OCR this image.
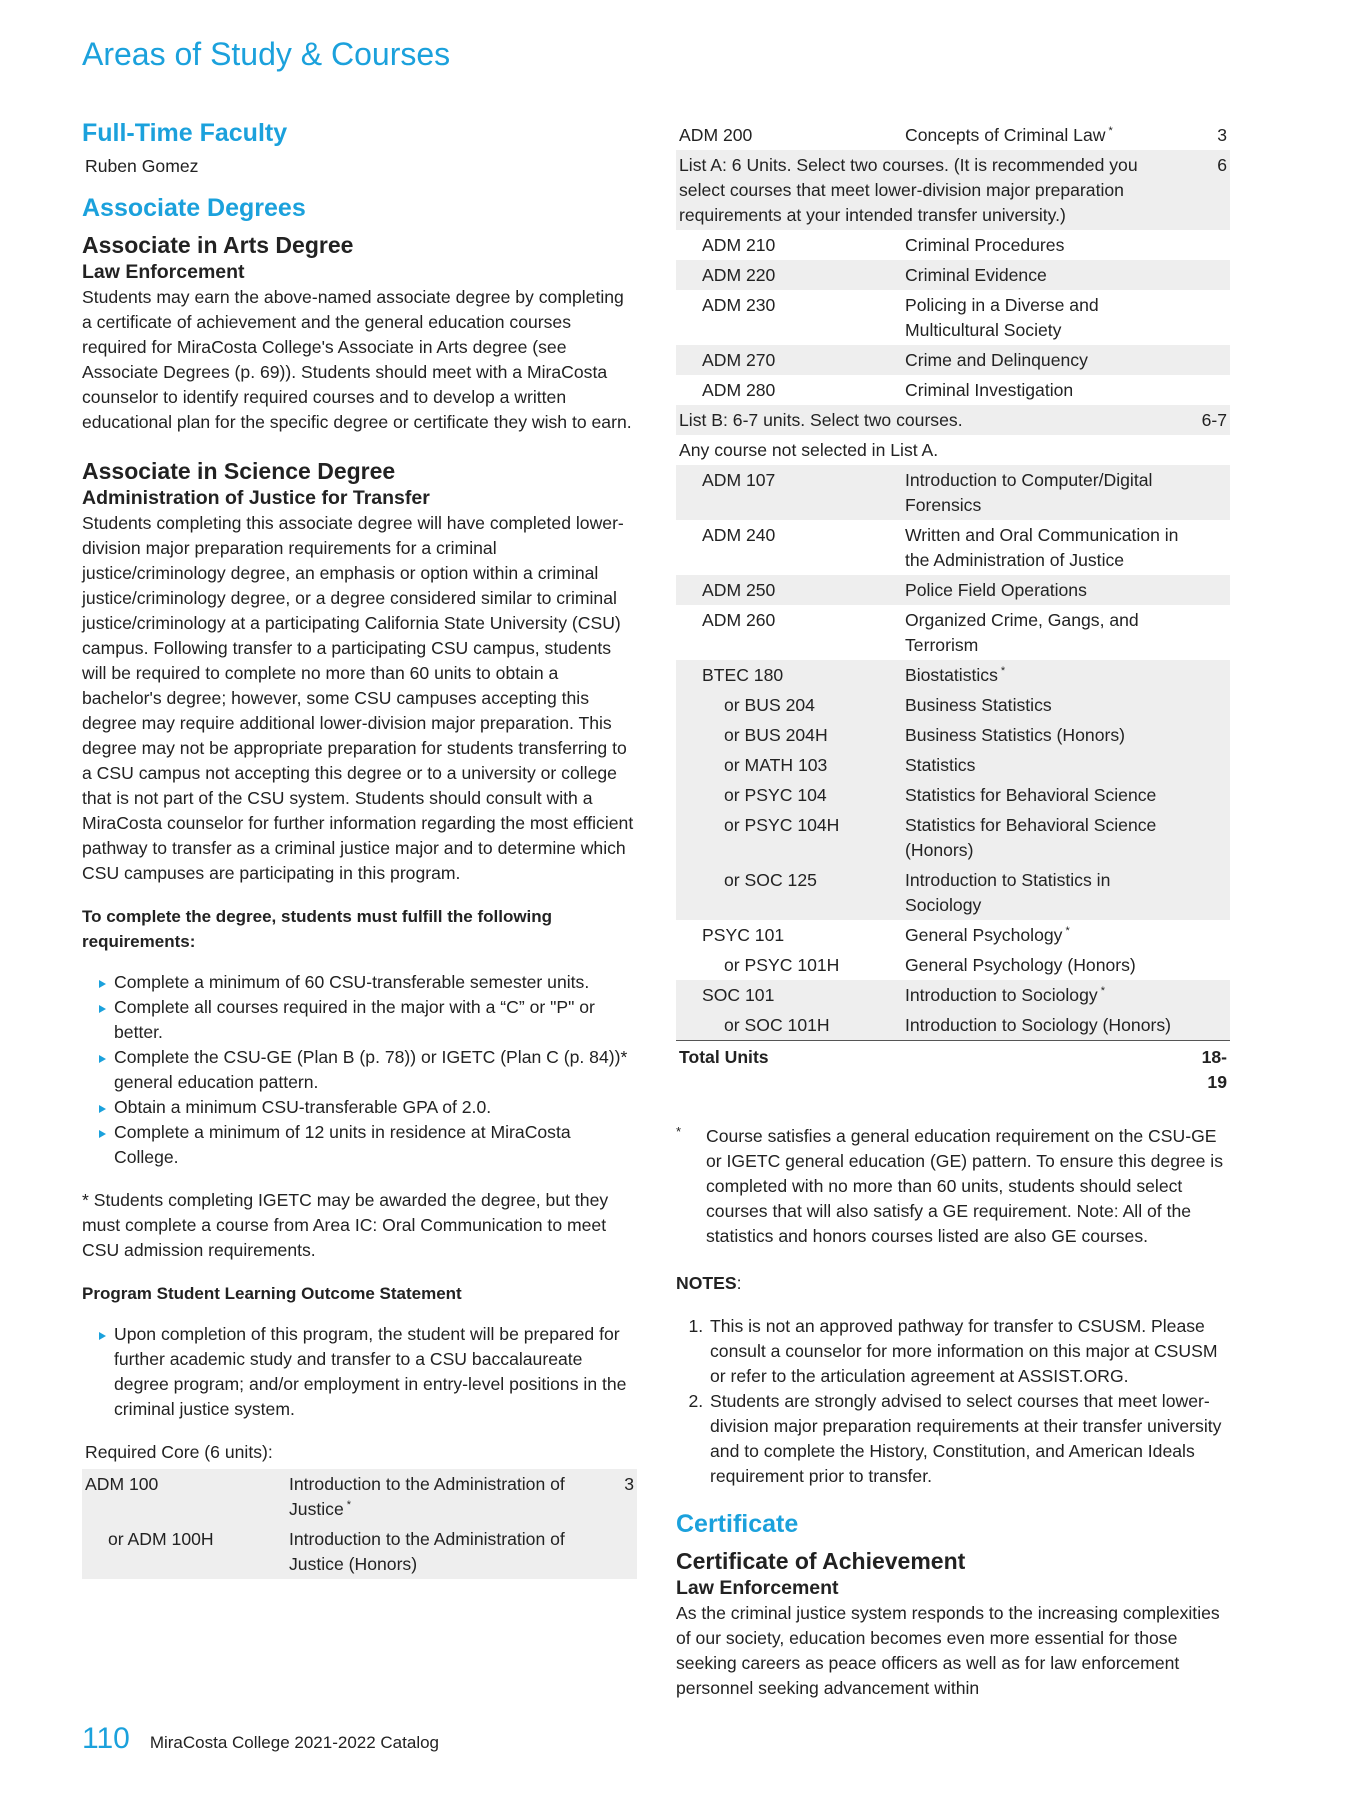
Areas of Study & Courses
Full-Time Faculty

Ruben Gomez

Associate Degrees
Associate in Arts Degree
Law Enforcement

Students may earn the above-named associate degree by completing a certificate of achievement and the general education courses required for MiraCosta College's Associate in Arts degree (see Associate Degrees (p. 69)). Students should meet with a MiraCosta counselor to identify required courses and to develop a written educational plan for the specific degree or certificate they wish to earn.

Associate in Science Degree
Administration of Justice for Transfer

Students completing this associate degree will have completed lower-division major preparation requirements for a criminal justice/criminology degree, an emphasis or option within a criminal justice/criminology degree, or a degree considered similar to criminal justice/criminology at a participating California State University (CSU) campus. Following transfer to a participating CSU campus, students will be required to complete no more than 60 units to obtain a bachelor's degree; however, some CSU campuses accepting this degree may require additional lower-division major preparation. This degree may not be appropriate preparation for students transferring to a CSU campus not accepting this degree or to a university or college that is not part of the CSU system. Students should consult with a MiraCosta counselor for further information regarding the most efficient pathway to transfer as a criminal justice major and to determine which CSU campuses are participating in this program.

To complete the degree, students must fulfill the following requirements:

Complete a minimum of 60 CSU-transferable semester units.
Complete all courses required in the major with a “C” or "P" or better.
Complete the CSU-GE (Plan B (p. 78)) or IGETC (Plan C (p. 84))* general education pattern.
Obtain a minimum CSU-transferable GPA of 2.0.
Complete a minimum of 12 units in residence at MiraCosta College.

* Students completing IGETC may be awarded the degree, but they must complete a course from Area IC: Oral Communication to meet CSU admission requirements.

Program Student Learning Outcome Statement

Upon completion of this program, the student will be prepared for further academic study and transfer to a CSU baccalaureate degree program; and/or employment in entry-level positions in the criminal justice system.

Required Core (6 units):

ADM 100	Introduction to the Administration of Justice *	3
or ADM 100H	Introduction to the Administration of Justice (Honors)	
ADM 200	Concepts of Criminal Law *	3
List A: 6 Units. Select two courses. (It is recommended you select courses that meet lower-division major preparation requirements at your intended transfer university.)		6
ADM 210	Criminal Procedures	
ADM 220	Criminal Evidence	
ADM 230	Policing in a Diverse and Multicultural Society	
ADM 270	Crime and Delinquency	
ADM 280	Criminal Investigation	
List B: 6-7 units. Select two courses.		6-7
Any course not selected in List A.		
ADM 107	Introduction to Computer/Digital Forensics	
ADM 240	Written and Oral Communication in the Administration of Justice	
ADM 250	Police Field Operations	
ADM 260	Organized Crime, Gangs, and Terrorism	
BTEC 180	Biostatistics *	
or BUS 204	Business Statistics	
or BUS 204H	Business Statistics (Honors)	
or MATH 103	Statistics	
or PSYC 104	Statistics for Behavioral Science	
or PSYC 104H	Statistics for Behavioral Science (Honors)	
or SOC 125	Introduction to Statistics in Sociology	
PSYC 101	General Psychology *	
or PSYC 101H	General Psychology (Honors)	
SOC 101	Introduction to Sociology *	
or SOC 101H	Introduction to Sociology (Honors)	
Total Units		18-19
*	Course satisfies a general education requirement on the CSU-GE or IGETC general education (GE) pattern. To ensure this degree is completed with no more than 60 units, students should select courses that will also satisfy a GE requirement. Note: All of the statistics and honors courses listed are also GE courses.

NOTES:

1. This is not an approved pathway for transfer to CSUSM. Please consult a counselor for more information on this major at CSUSM or refer to the articulation agreement at ASSIST.ORG.
2. Students are strongly advised to select courses that meet lower-division major preparation requirements at their transfer university and to complete the History, Constitution, and American Ideals requirement prior to transfer.
Certificate
Certificate of Achievement
Law Enforcement

As the criminal justice system responds to the increasing complexities of our society, education becomes even more essential for those seeking careers as peace officers as well as for law enforcement personnel seeking advancement within

110 MiraCosta College 2021-2022 Catalog
